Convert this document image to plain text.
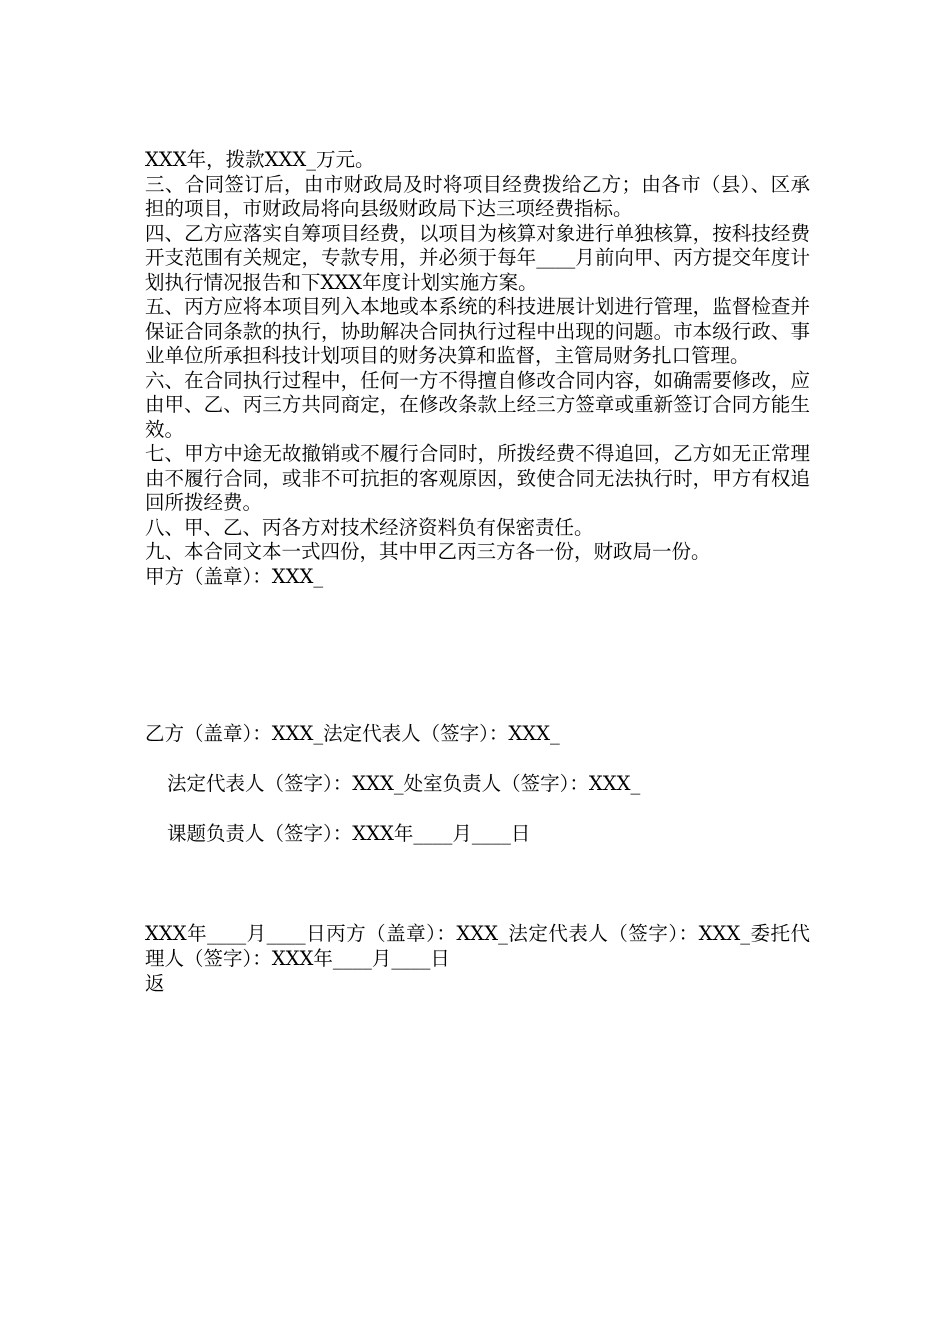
XXX年，拨款XXX_万元。

三、合同签订后，由市财政局及时将项目经费拨给乙方；由各市（县）、区承担的项目，市财政局将向县级财政局下达三项经费指标。

四、乙方应落实自筹项目经费，以项目为核算对象进行单独核算，按科技经费开支范围有关规定，专款专用，并必须于每年____月前向甲、丙方提交年度计划执行情况报告和下XXX年度计划实施方案。

五、丙方应将本项目列入本地或本系统的科技进展计划进行管理，监督检查并保证合同条款的执行，协助解决合同执行过程中出现的问题。市本级行政、事业单位所承担科技计划项目的财务决算和监督，主管局财务扎口管理。

六、在合同执行过程中，任何一方不得擅自修改合同内容，如确需要修改，应由甲、乙、丙三方共同商定，在修改条款上经三方签章或重新签订合同方能生效。

七、甲方中途无故撤销或不履行合同时，所拨经费不得追回，乙方如无正常理由不履行合同，或非不可抗拒的客观原因，致使合同无法执行时，甲方有权追回所拨经费。

八、甲、乙、丙各方对技术经济资料负有保密责任。

九、本合同文本一式四份，其中甲乙丙三方各一份，财政局一份。

甲方（盖章）：XXX_

乙方（盖章）：XXX_法定代表人（签字）：XXX_
法定代表人（签字）：XXX_处室负责人（签字）：XXX_
课题负责人（签字）：XXX年____月____日
XXX年____月____日丙方（盖章）：XXX_法定代表人（签字）：XXX_委托代理人（签字）：XXX年____月____日
返
